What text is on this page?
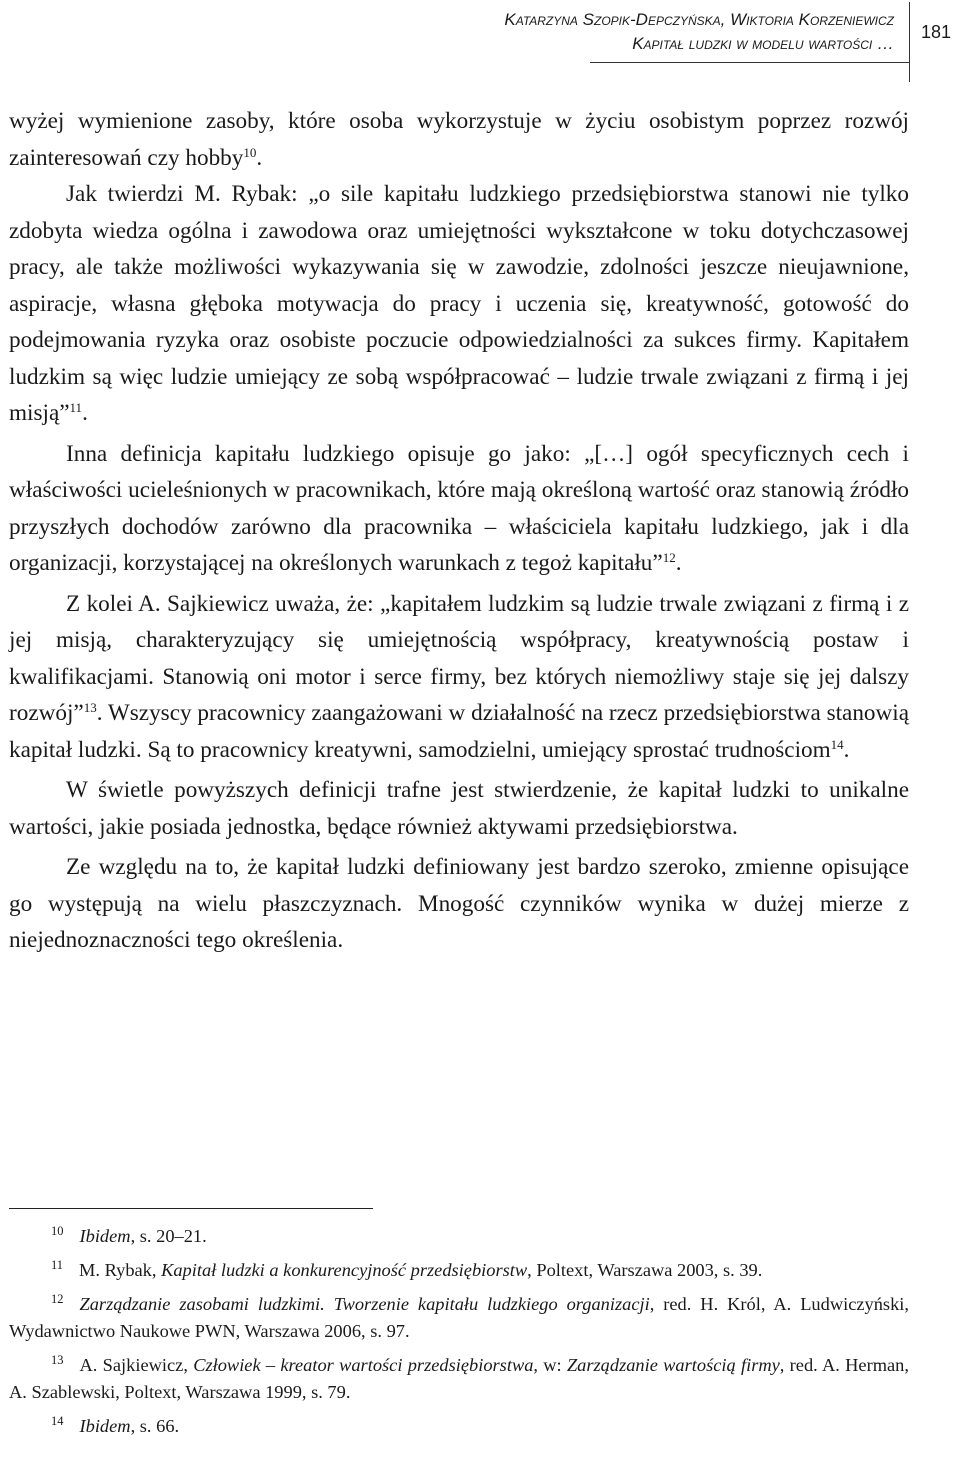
Katarzyna Szopik-Depczyńska, Wiktoria Korzeniewicz
Kapitał ludzki w modelu wartości …
181

wyżej wymienione zasoby, które osoba wykorzystuje w życiu osobistym poprzez rozwój zainteresowań czy hobby$^{10}$.

Jak twierdzi M. Rybak: „o sile kapitału ludzkiego przedsiębiorstwa stanowi nie tylko zdobyta wiedza ogólna i zawodowa oraz umiejętności wykształcone w toku dotychczasowej pracy, ale także możliwości wykazywania się w zawodzie, zdolności jeszcze nieujawnione, aspiracje, własna głęboka motywacja do pracy i uczenia się, kreatywność, gotowość do podejmowania ryzyka oraz osobiste poczucie odpowiedzialności za sukces firmy. Kapitałem ludzkim są więc ludzie umiejący ze sobą współpracować – ludzie trwale związani z firmą i jej misją”$^{11}$.

Inna definicja kapitału ludzkiego opisuje go jako: „[…] ogół specyficznych cech i właściwości ucieleśnionych w pracownikach, które mają określoną wartość oraz stanowią źródło przyszłych dochodów zarówno dla pracownika – właściciela kapitału ludzkiego, jak i dla organizacji, korzystającej na określonych warunkach z tegoż kapitału”$^{12}$.

Z kolei A. Sajkiewicz uważa, że: „kapitałem ludzkim są ludzie trwale związani z firmą i z jej misją, charakteryzujący się umiejętnością współpracy, kreatywnością postaw i kwalifikacjami. Stanowią oni motor i serce firmy, bez których niemożliwy staje się jej dalszy rozwój”$^{13}$. Wszyscy pracownicy zaangażowani w działalność na rzecz przedsiębiorstwa stanowią kapitał ludzki. Są to pracownicy kreatywni, samodzielni, umiejący sprostać trudnościom$^{14}$.

W świetle powyższych definicji trafne jest stwierdzenie, że kapitał ludzki to unikalne wartości, jakie posiada jednostka, będące również aktywami przedsiębiorstwa.

Ze względu na to, że kapitał ludzki definiowany jest bardzo szeroko, zmienne opisujące go występują na wielu płaszczyznach. Mnogość czynników wynika w dużej mierze z niejednoznaczności tego określenia.

$^{10}$ Ibidem, s. 20–21.

$^{11}$ M. Rybak, Kapitał ludzki a konkurencyjność przedsiębiorstw, Poltext, Warszawa 2003, s. 39.

$^{12}$ Zarządzanie zasobami ludzkimi. Tworzenie kapitału ludzkiego organizacji, red. H. Król, A. Ludwiczyński, Wydawnictwo Naukowe PWN, Warszawa 2006, s. 97.

$^{13}$ A. Sajkiewicz, Człowiek – kreator wartości przedsiębiorstwa, w: Zarządzanie wartością firmy, red. A. Herman, A. Szablewski, Poltext, Warszawa 1999, s. 79.

$^{14}$ Ibidem, s. 66.
